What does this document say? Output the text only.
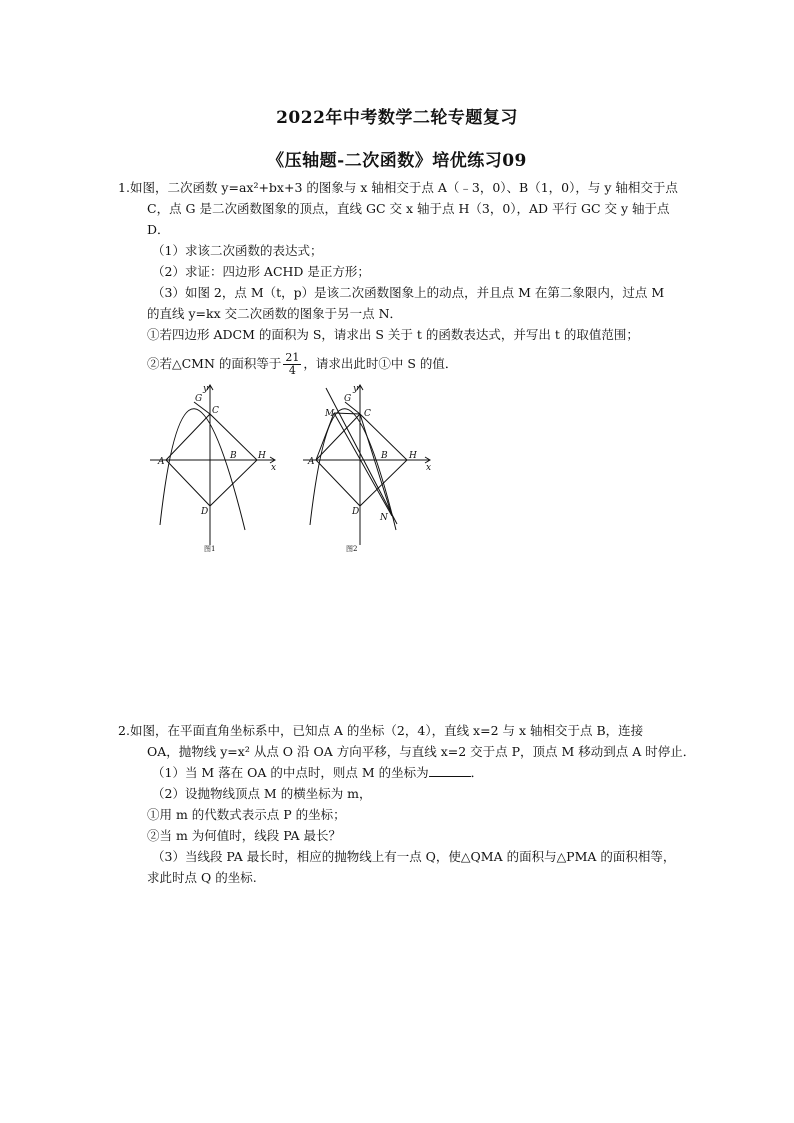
2022年中考数学二轮专题复习
《压轴题-二次函数》培优练习09
1.如图，二次函数 y=ax²+bx+3 的图象与 x 轴相交于点 A（﹣3，0）、B（1，0），与 y 轴相交于点
C，点 G 是二次函数图象的顶点，直线 GC 交 x 轴于点 H（3，0），AD 平行 GC 交 y 轴于点
D．
（1）求该二次函数的表达式；
（2）求证：四边形 ACHD 是正方形；
（3）如图 2，点 M（t，p）是该二次函数图象上的动点，并且点 M 在第二象限内，过点 M
的直线 y=kx 交二次函数的图象于另一点 N．
①若四边形 ADCM 的面积为 S，请求出 S 关于 t 的函数表达式，并写出 t 的取值范围；
②若△CMN 的面积等于 $\frac{21}{4}$ ，请求出此时①中 S 的值．
A
B
C
D
G
H
x
y
图1
A
B
C
D
G
H
M
N
x
y
图2
2.如图，在平面直角坐标系中，已知点 A 的坐标（2，4），直线 x=2 与 x 轴相交于点 B，连接
OA，抛物线 y=x² 从点 O 沿 OA 方向平移，与直线 x=2 交于点 P，顶点 M 移动到点 A 时停止．
（1）当 M 落在 OA 的中点时，则点 M 的坐标为	．
（2）设抛物线顶点 M 的横坐标为 m，
①用 m 的代数式表示点 P 的坐标；
②当 m 为何值时，线段 PA 最长？
（3）当线段 PA 最长时，相应的抛物线上有一点 Q，使△QMA 的面积与△PMA 的面积相等，
求此时点 Q 的坐标.
